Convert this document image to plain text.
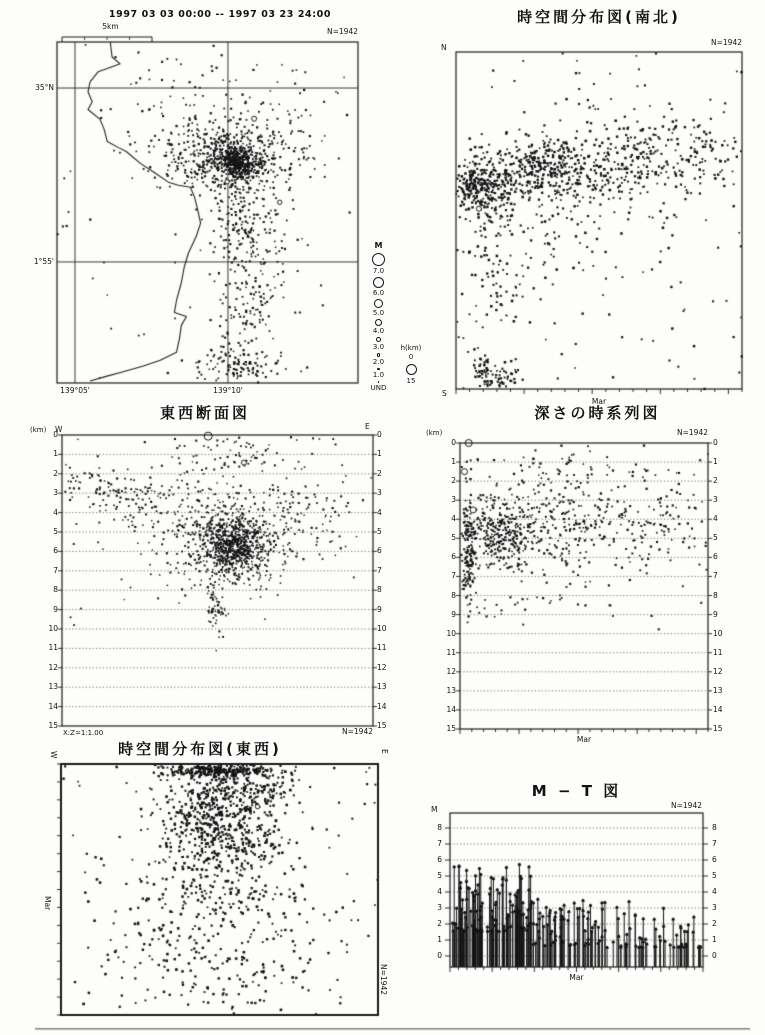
1997 03 03 00:00 -- 1997 03 23 24:00
N=1942
5km
35°N
1°55'
139°05'	139°10'
M
7.0
6.0
5.0
4.0
3.0
2.0
1.0
UND
h(km)
0
15
時空間分布図(南北)
N
N=1942
S
Mar
東西断面図
(km) W	E
X:Z=1:1.00	N=1942
深さの時系列図
(km)	N=1942
Mar
時空間分布図(東西)
W	E
Mar
N=1942
M − T 図
N=1942
M
Mar
0	0
1	1
2	2
3	3
4	4
5	5
6	6
7	7
8	8
9	9
10	10
11	11
12	12
13	13
14	14
15	15
0	0
1	1
2	2
3	3
4	4
5	5
6	6
7	7
8	8
9	9
10	10
11	11
12	12
13	13
14	14
15	15
8	8
7	7
6	6
5	5
4	4
3	3
2	2
1	1
0	0
